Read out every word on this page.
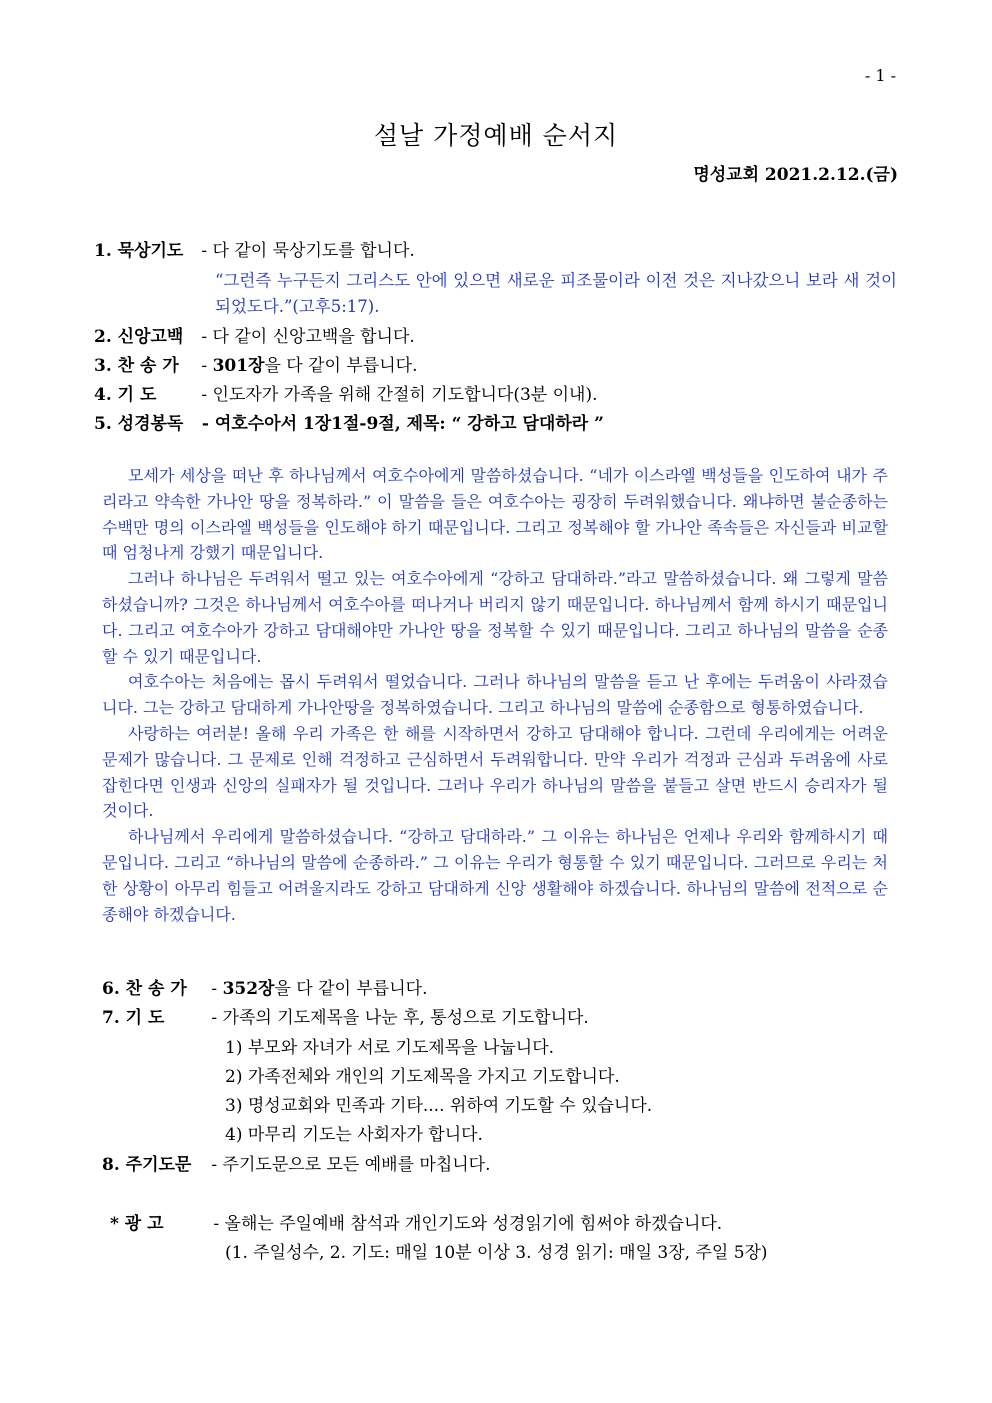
- 1 -
설날 가정예배 순서지
명성교회 2021.2.12.(금)
1. 묵상기도 - 다 같이 묵상기도를 합니다.
“그런즉 누구든지 그리스도 안에 있으면 새로운 피조물이라 이전 것은 지나갔으니 보라 새 것이 되었도다.”(고후5:17).
2. 신앙고백 - 다 같이 신앙고백을 합니다.
3. 찬 송 가 - 301장을 다 같이 부릅니다.
4. 기 도 - 인도자가 가족을 위해 간절히 기도합니다(3분 이내).
5. 성경봉독 - 여호수아서 1장1절-9절, 제목: “ 강하고 담대하라 ”

모세가 세상을 떠난 후 하나님께서 여호수아에게 말씀하셨습니다. “네가 이스라엘 백성들을 인도하여 내가 주리라고 약속한 가나안 땅을 정복하라.” 이 말씀을 들은 여호수아는 굉장히 두려워했습니다. 왜냐하면 불순종하는 수백만 명의 이스라엘 백성들을 인도해야 하기 때문입니다. 그리고 정복해야 할 가나안 족속들은 자신들과 비교할 때 엄청나게 강했기 때문입니다.

그러나 하나님은 두려워서 떨고 있는 여호수아에게 “강하고 담대하라.”라고 말씀하셨습니다. 왜 그렇게 말씀하셨습니까? 그것은 하나님께서 여호수아를 떠나거나 버리지 않기 때문입니다. 하나님께서 함께 하시기 때문입니다. 그리고 여호수아가 강하고 담대해야만 가나안 땅을 정복할 수 있기 때문입니다. 그리고 하나님의 말씀을 순종할 수 있기 때문입니다.

여호수아는 처음에는 몹시 두려워서 떨었습니다. 그러나 하나님의 말씀을 듣고 난 후에는 두려움이 사라졌습니다. 그는 강하고 담대하게 가나안땅을 정복하였습니다. 그리고 하나님의 말씀에 순종함으로 형통하였습니다.

사랑하는 여러분! 올해 우리 가족은 한 해를 시작하면서 강하고 담대해야 합니다. 그런데 우리에게는 어려운 문제가 많습니다. 그 문제로 인해 걱정하고 근심하면서 두려워합니다. 만약 우리가 걱정과 근심과 두려움에 사로잡힌다면 인생과 신앙의 실패자가 될 것입니다. 그러나 우리가 하나님의 말씀을 붙들고 살면 반드시 승리자가 될 것이다.

하나님께서 우리에게 말씀하셨습니다. “강하고 담대하라.” 그 이유는 하나님은 언제나 우리와 함께하시기 때문입니다. 그리고 “하나님의 말씀에 순종하라.” 그 이유는 우리가 형통할 수 있기 때문입니다. 그러므로 우리는 처한 상황이 아무리 힘들고 어려울지라도 강하고 담대하게 신앙 생활해야 하겠습니다. 하나님의 말씀에 전적으로 순종해야 하겠습니다.

6. 찬 송 가 - 352장을 다 같이 부릅니다.
7. 기 도 - 가족의 기도제목을 나눈 후, 통성으로 기도합니다.
1) 부모와 자녀가 서로 기도제목을 나눕니다.
2) 가족전체와 개인의 기도제목을 가지고 기도합니다.
3) 명성교회와 민족과 기타.... 위하여 기도할 수 있습니다.
4) 마무리 기도는 사회자가 합니다.
8. 주기도문 - 주기도문으로 모든 예배를 마칩니다.
* 광 고	- 올해는 주일예배 참석과 개인기도와 성경읽기에 힘써야 하겠습니다.
(1. 주일성수, 2. 기도: 매일 10분 이상 3. 성경 읽기: 매일 3장, 주일 5장)
